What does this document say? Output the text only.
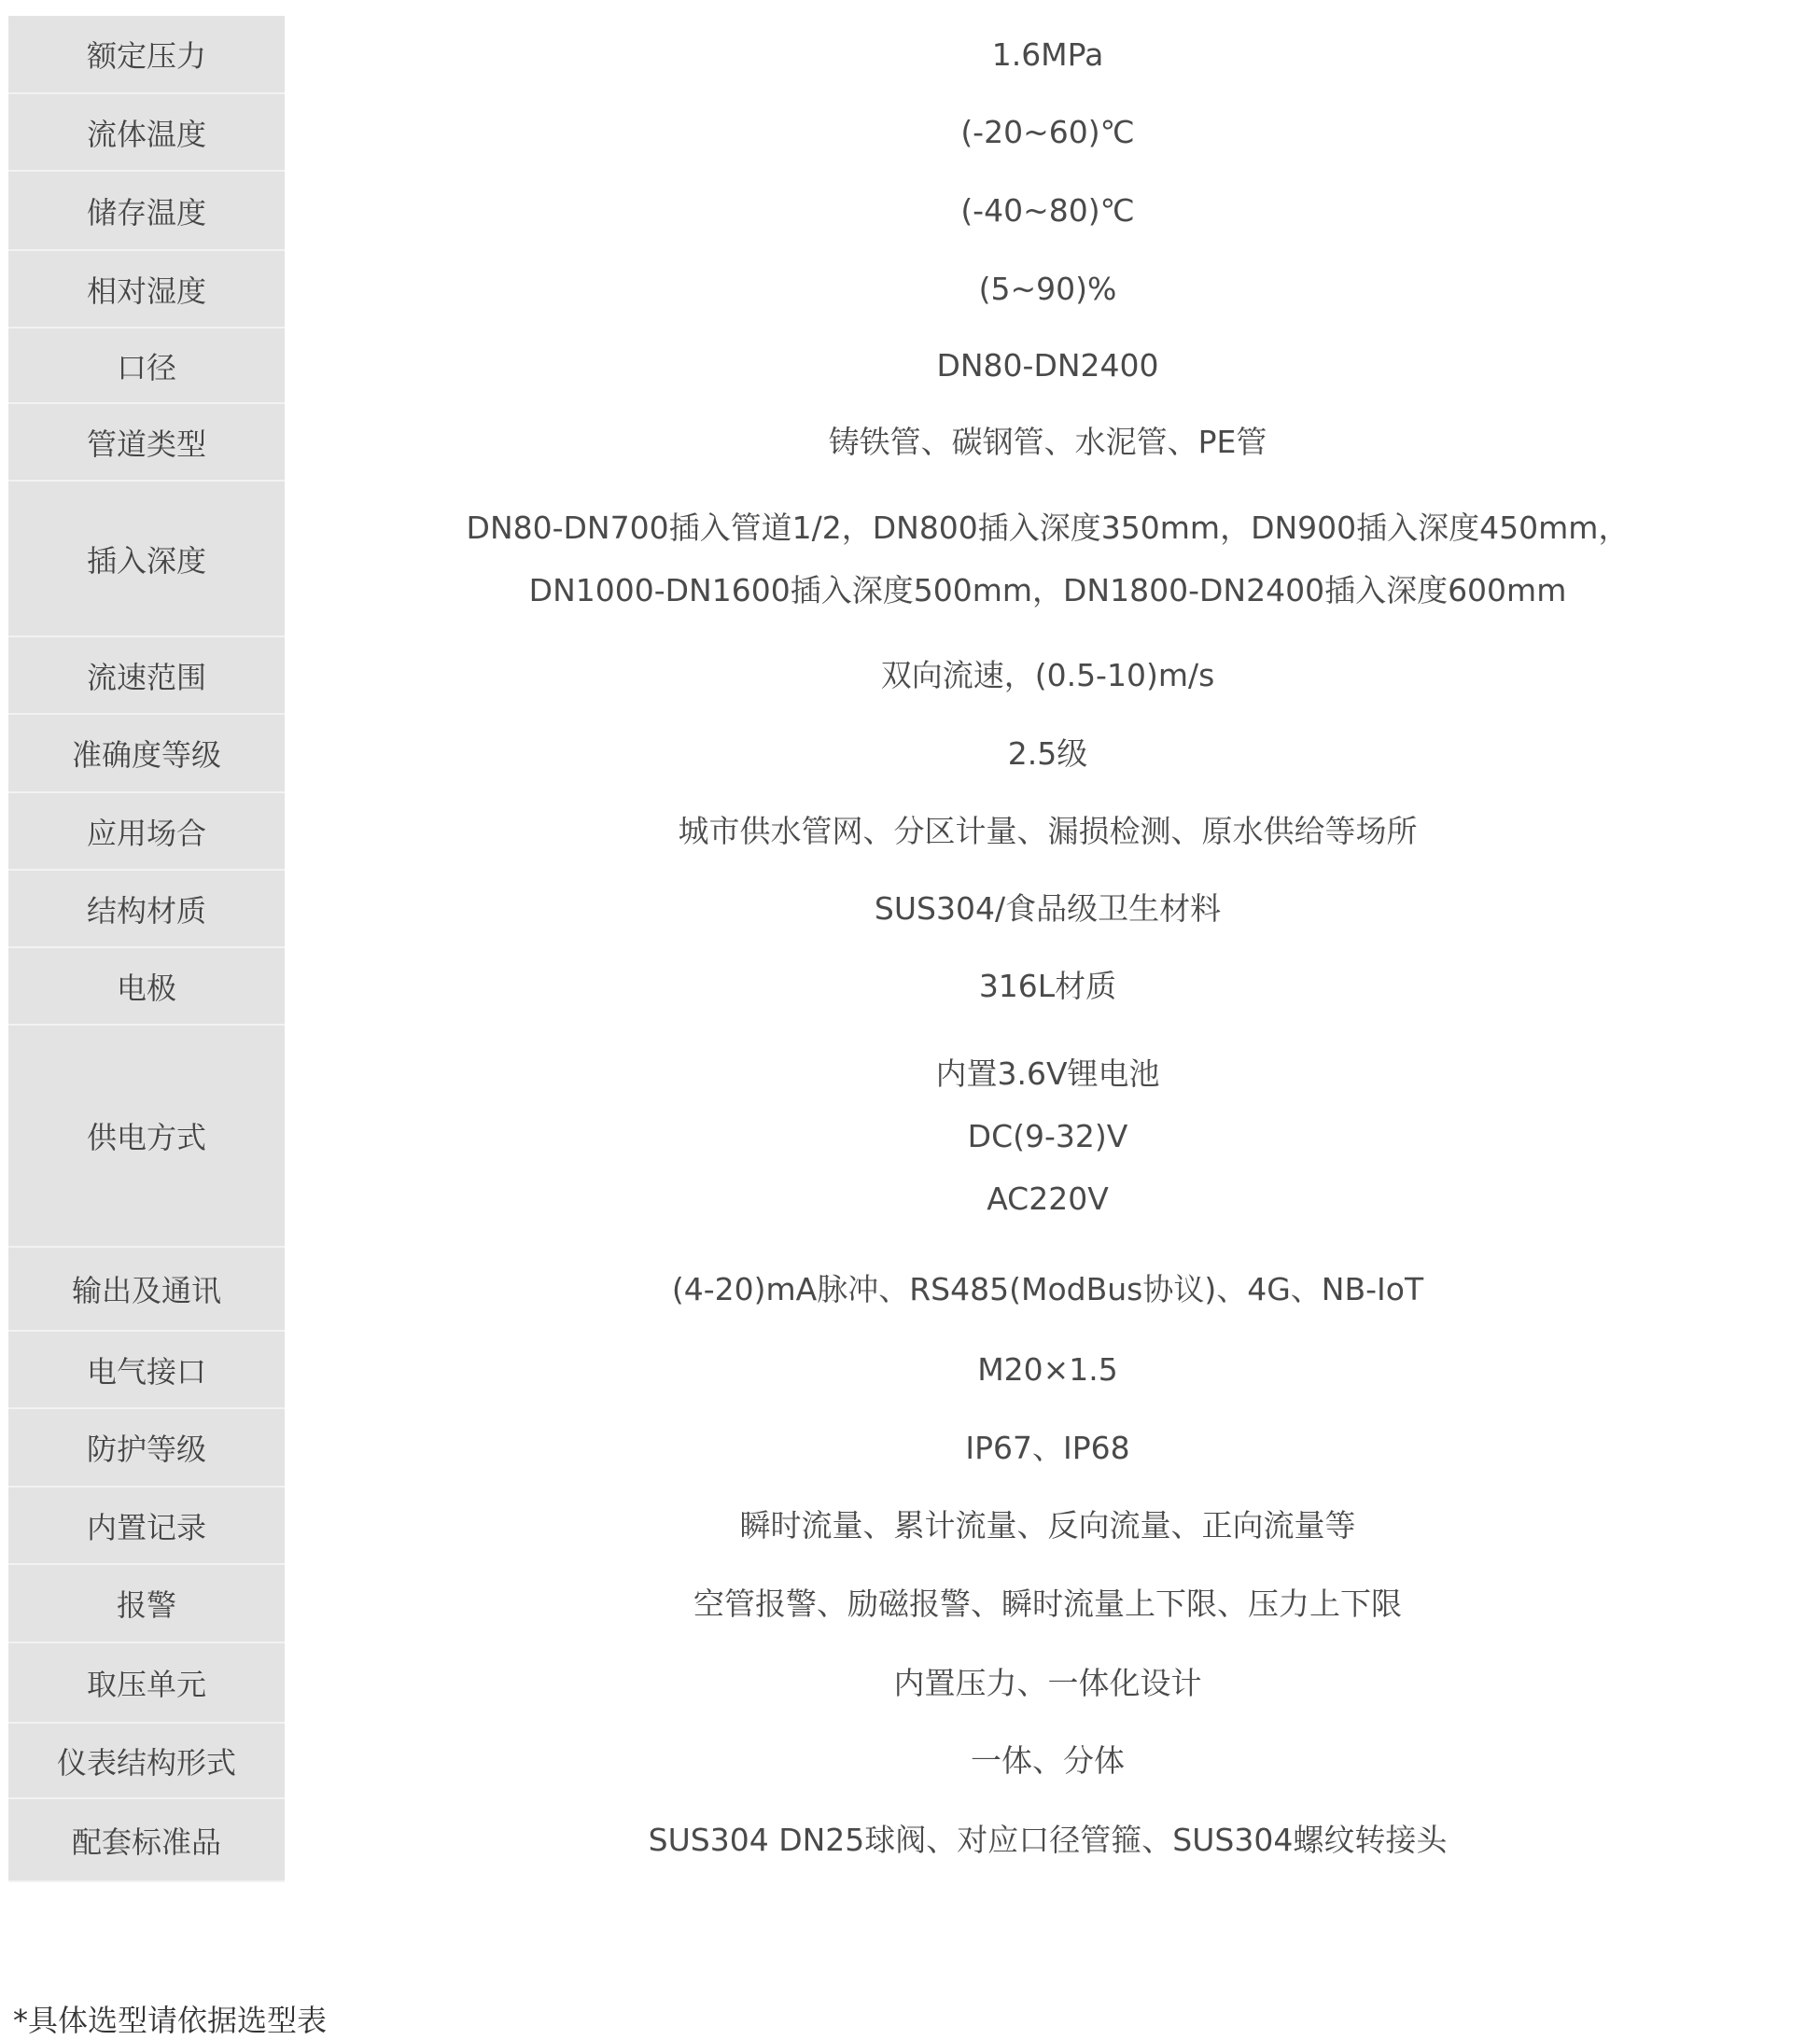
额定压力	1.6MPa

流体温度	(-20~60)℃

储存温度	(-40~80)℃

相对湿度	(5~90)%

口径	DN80-DN2400

管道类型	铸铁管、碳钢管、水泥管、PE管

插入深度	DN80-DN700插入管道1/2，DN800插入深度350mm，DN900插入深度450mm，
DN1000-DN1600插入深度500mm，DN1800-DN2400插入深度600mm

流速范围	双向流速，(0.5-10)m/s

准确度等级	2.5级

应用场合	城市供水管网、分区计量、漏损检测、原水供给等场所

结构材质	SUS304/食品级卫生材料

电极	316L材质

供电方式	内置3.6V锂电池
DC(9-32)V
AC220V

输出及通讯	(4-20)mA脉冲、RS485(ModBus协议)、4G、NB-IoT

电气接口	M20×1.5

防护等级	IP67、IP68

内置记录	瞬时流量、累计流量、反向流量、正向流量等

报警	空管报警、励磁报警、瞬时流量上下限、压力上下限

取压单元	内置压力、一体化设计

仪表结构形式	一体、分体

配套标准品	SUS304 DN25球阀、对应口径管箍、SUS304螺纹转接头
*具体选型请依据选型表
